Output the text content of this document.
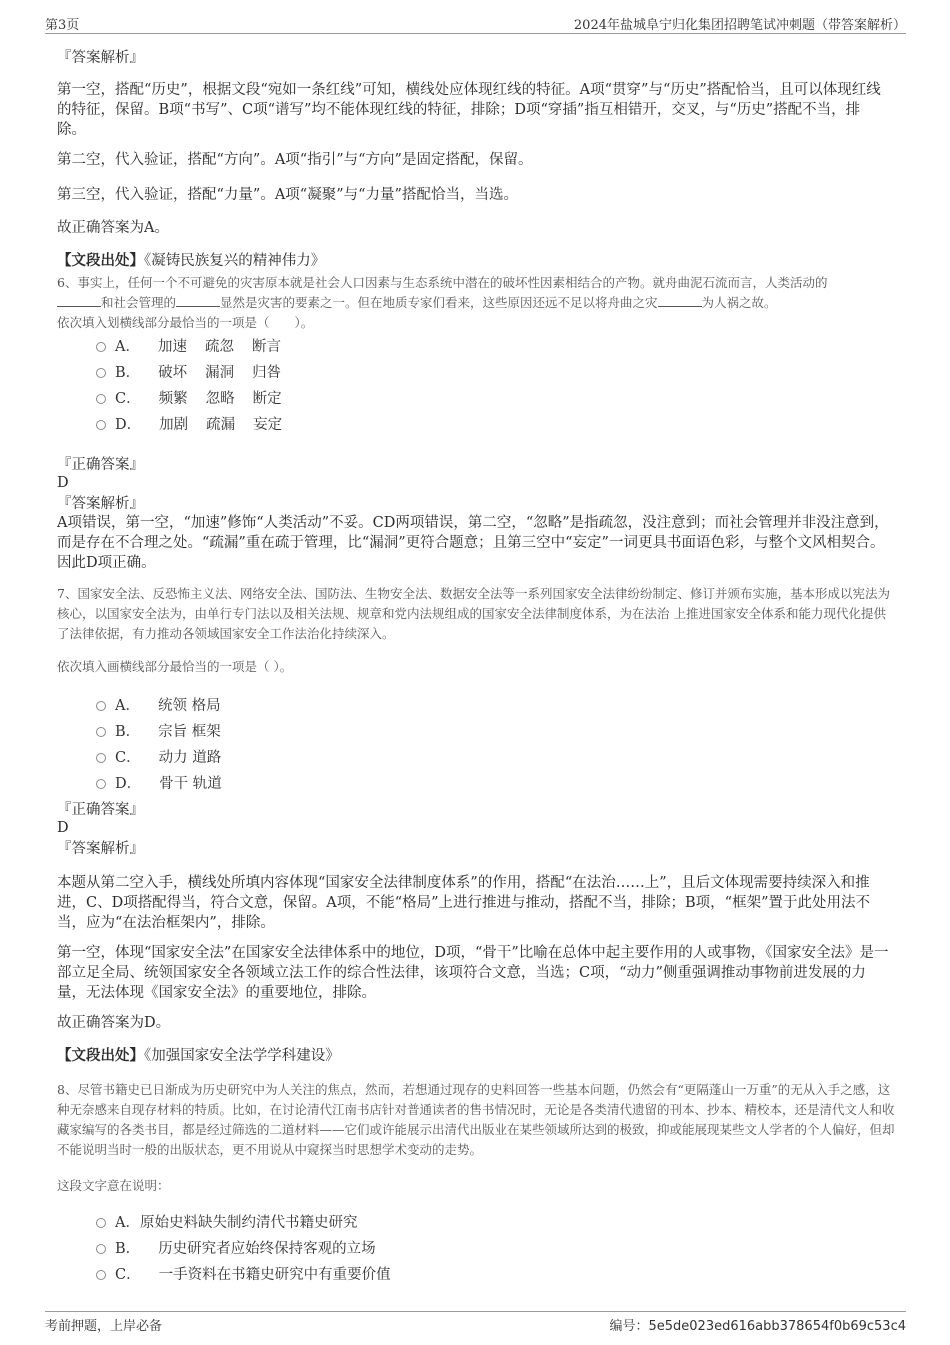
第3页	2024年盐城阜宁归化集团招聘笔试冲刺题（带答案解析）
『答案解析』
第一空，搭配“历史”，根据文段“宛如一条红线”可知，横线处应体现红线的特征。A项“贯穿”与“历史”搭配恰当，且可以体现红线的特征，保留。B项“书写”、C项“谱写”均不能体现红线的特征，排除；D项“穿插”指互相错开，交叉，与“历史”搭配不当，排除。
第二空，代入验证，搭配“方向”。A项“指引”与“方向”是固定搭配，保留。
第三空，代入验证，搭配“力量”。A项“凝聚”与“力量”搭配恰当，当选。
故正确答案为A。
【文段出处】《凝铸民族复兴的精神伟力》
6、事实上，任何一个不可避免的灾害原本就是社会人口因素与生态系统中潜在的破坏性因素相结合的产物。就舟曲泥石流而言，人类活动的
和社会管理的	显然是灾害的要素之一。但在地质专家们看来，这些原因还远不足以将舟曲之灾	为人祸之故。
依次填入划横线部分最恰当的一项是（　　）。
A． 加速 疏忽 断言
B． 破坏 漏洞 归咎
C． 频繁 忽略 断定
D． 加剧 疏漏 妄定
『正确答案』
D
『答案解析』
A项错误，第一空，“加速”修饰“人类活动”不妥。CD两项错误，第二空，“忽略”是指疏忽，没注意到；而社会管理并非没注意到，而是存在不合理之处。“疏漏”重在疏于管理，比“漏洞”更符合题意；且第三空中“妄定”一词更具书面语色彩，与整个文风相契合。因此D项正确。
7、国家安全法、反恐怖主义法、网络安全法、国防法、生物安全法、数据安全法等一系列国家安全法律纷纷制定、修订并颁布实施，基本形成以宪法为核心，以国家安全法为，由单行专门法以及相关法规、规章和党内法规组成的国家安全法律制度体系，为在法治 上推进国家安全体系和能力现代化提供了法律依据，有力推动各领域国家安全工作法治化持续深入。
依次填入画横线部分最恰当的一项是（ ）。
A． 统领 格局
B． 宗旨 框架
C． 动力 道路
D． 骨干 轨道
『正确答案』
D
『答案解析』
本题从第二空入手，横线处所填内容体现“国家安全法律制度体系”的作用，搭配“在法治……上”，且后文体现需要持续深入和推进，C、D项搭配得当，符合文意，保留。A项，不能“格局”上进行推进与推动，搭配不当，排除；B项，“框架”置于此处用法不当，应为“在法治框架内”，排除。
第一空，体现“国家安全法”在国家安全法律体系中的地位，D项，“骨干”比喻在总体中起主要作用的人或事物，《国家安全法》是一部立足全局、统领国家安全各领域立法工作的综合性法律，该项符合文意，当选；C项，“动力”侧重强调推动事物前进发展的力量，无法体现《国家安全法》的重要地位，排除。
故正确答案为D。
【文段出处】《加强国家安全法学学科建设》
8、尽管书籍史已日渐成为历史研究中为人关注的焦点，然而，若想通过现存的史料回答一些基本问题，仍然会有“更隔蓬山一万重”的无从入手之感，这种无奈感来自现存材料的特质。比如，在讨论清代江南书店针对普通读者的售书情况时，无论是各类清代遗留的刊本、抄本、精校本，还是清代文人和收藏家编写的各类书目，都是经过筛选的二道材料——它们或许能展示出清代出版业在某些领域所达到的极致，抑或能展现某些文人学者的个人偏好，但却不能说明当时一般的出版状态，更不用说从中窥探当时思想学术变动的走势。
这段文字意在说明：
A．原始史料缺失制约清代书籍史研究
B． 历史研究者应始终保持客观的立场
C． 一手资料在书籍史研究中有重要价值
考前押题，上岸必备	编号：5e5de023ed616abb378654f0b69c53c4
